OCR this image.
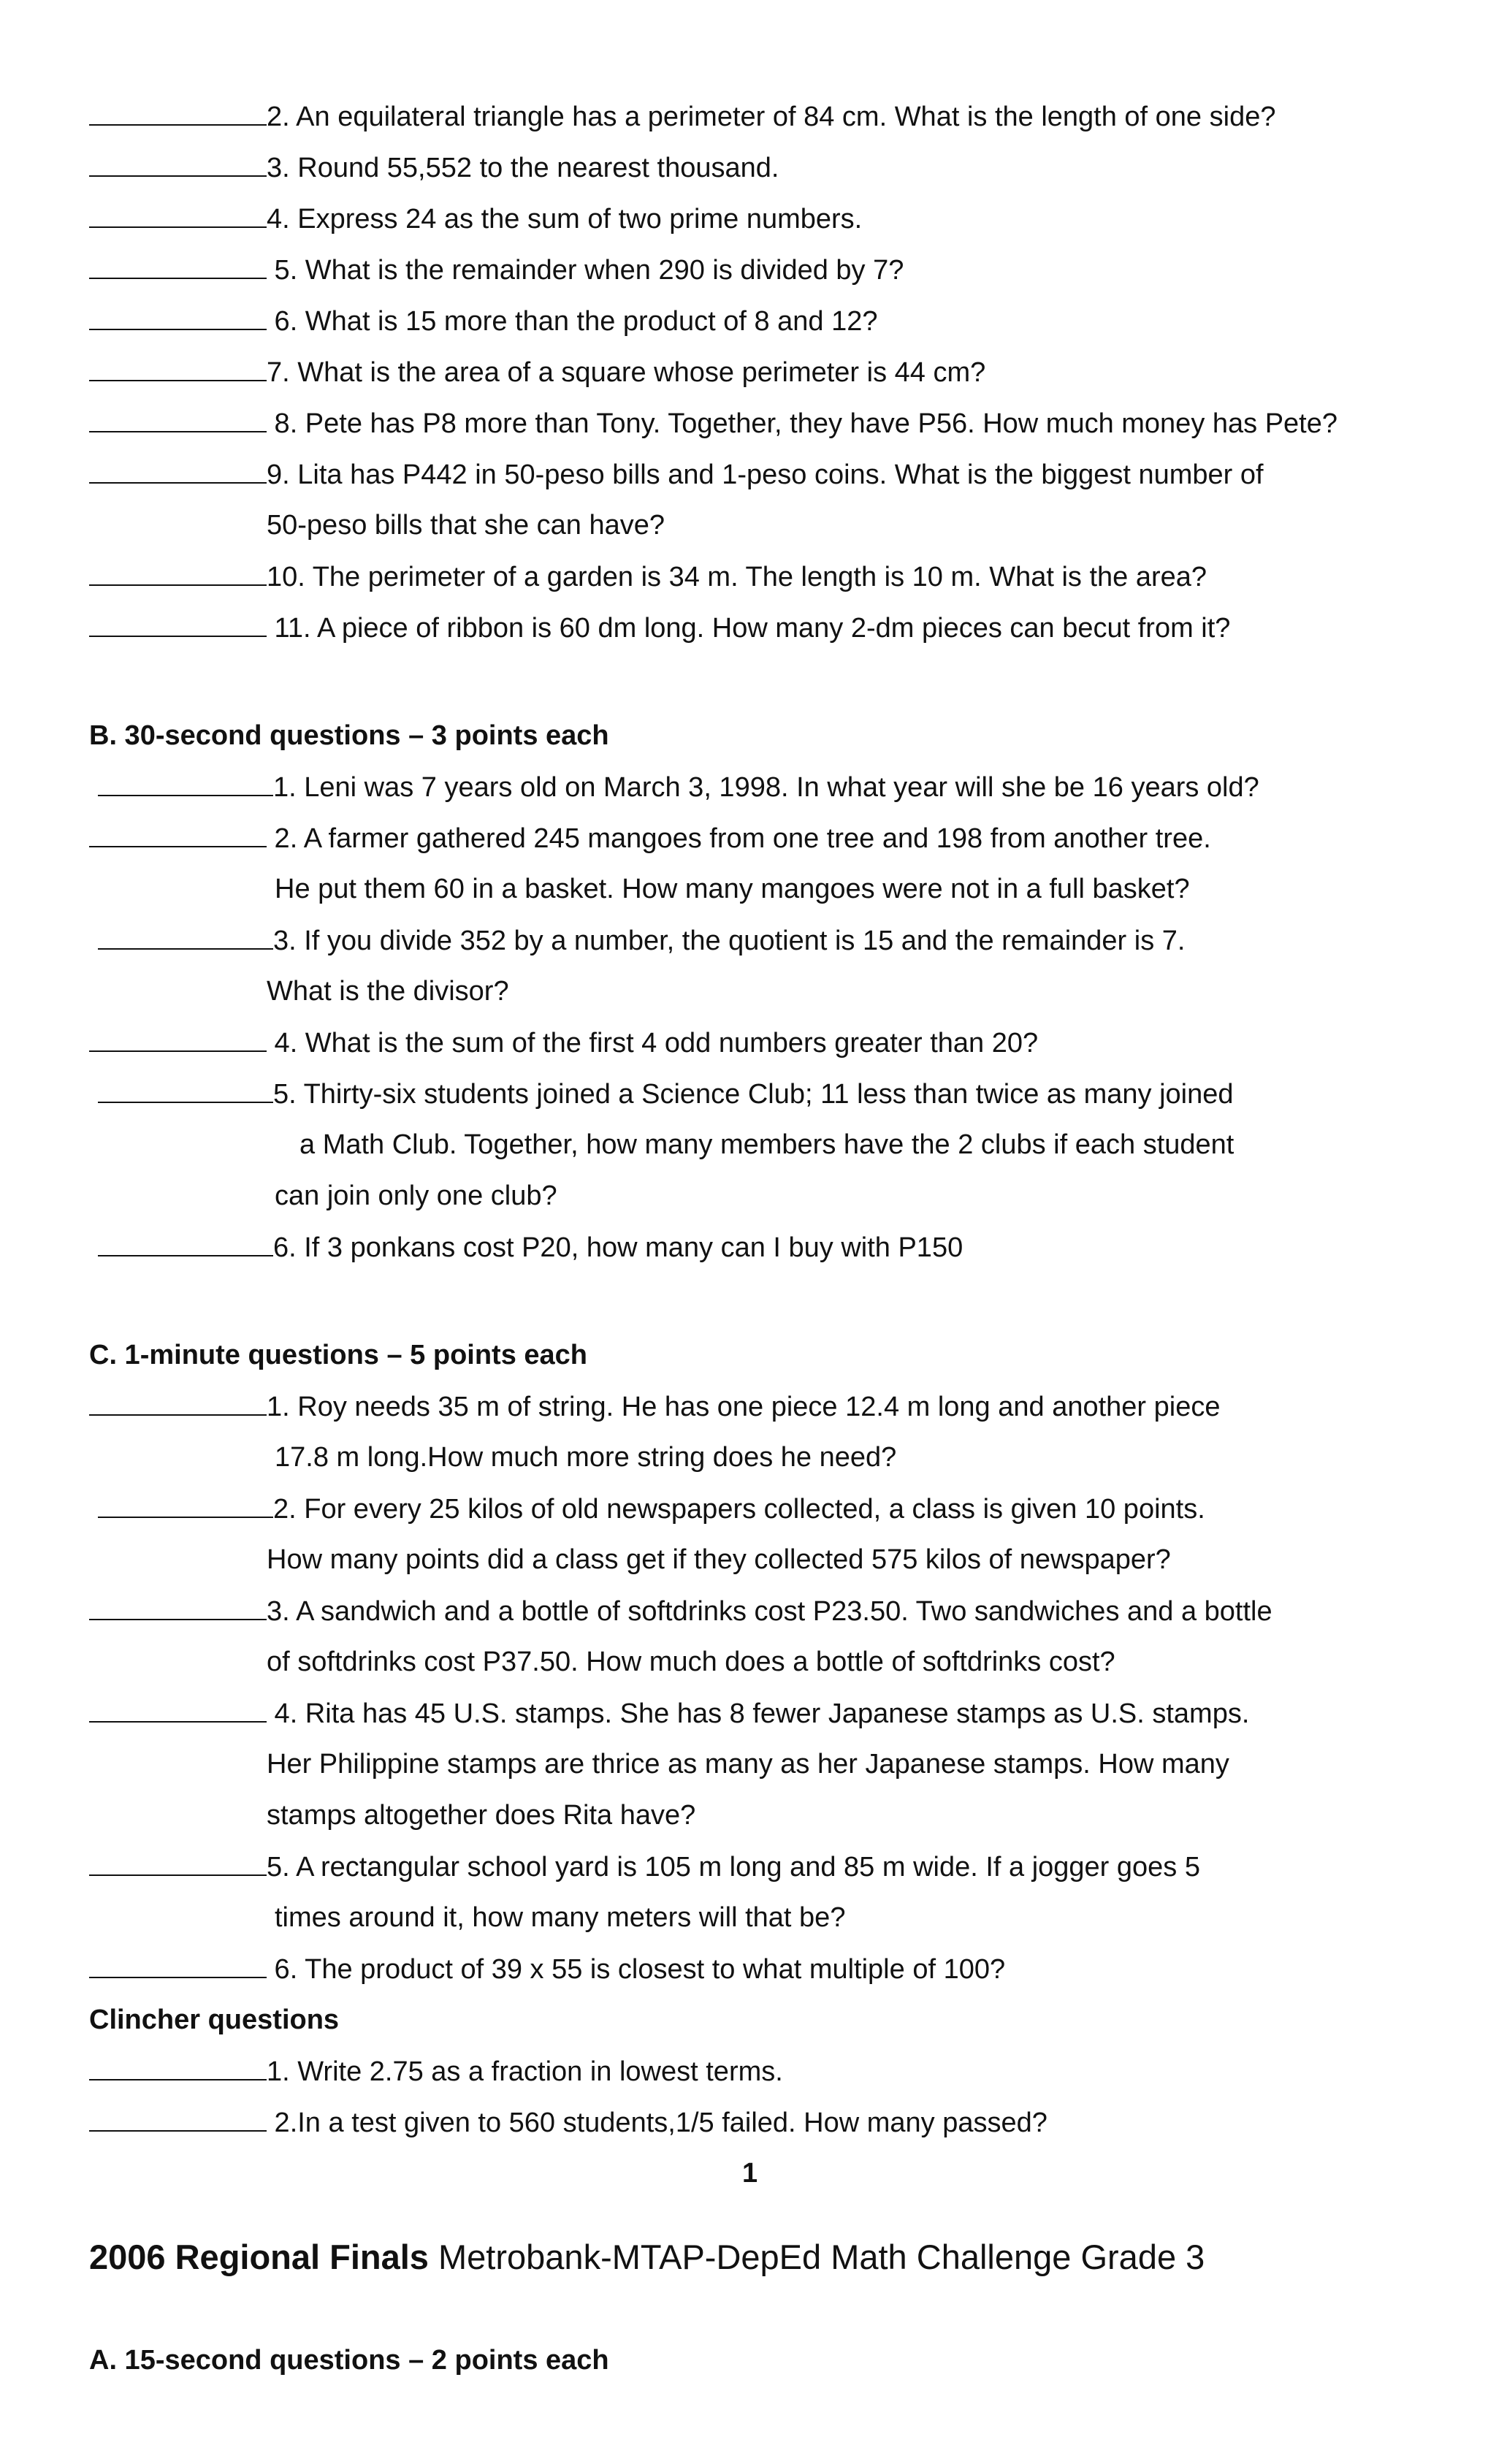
2. An equilateral triangle has a perimeter of 84 cm. What is the length of one side?
3. Round 55,552 to the nearest thousand.
4. Express 24 as the sum of two prime numbers.
5. What is the remainder when 290 is divided by 7?
6. What is 15 more than the product of 8 and 12?
7. What is the area of a square whose perimeter is 44 cm?
8. Pete has P8 more than Tony. Together, they have P56. How much money has Pete?
9. Lita has P442 in 50-peso bills and 1-peso coins. What is the biggest number of
50-peso bills that she can have?
10. The perimeter of a garden is 34 m. The length is 10 m. What is the area?
11. A piece of ribbon is 60 dm long. How many 2-dm pieces can becut from it?
B. 30-second questions – 3 points each
1. Leni was 7 years old on March 3, 1998. In what year will she be 16 years old?
2. A farmer gathered 245 mangoes from one tree and 198 from another tree.
He put them 60 in a basket. How many mangoes were not in a full basket?
3. If you divide 352 by a number, the quotient is 15 and the remainder is 7.
What is the divisor?
4. What is the sum of the first 4 odd numbers greater than 20?
5. Thirty-six students joined a Science Club; 11 less than twice as many joined
a Math Club. Together, how many members have the 2 clubs if each student
can join only one club?
6. If 3 ponkans cost P20, how many can I buy with P150
C. 1-minute questions – 5 points each
1. Roy needs 35 m of string. He has one piece 12.4 m long and another piece
17.8 m long.How much more string does he need?
2. For every 25 kilos of old newspapers collected, a class is given 10 points.
How many points did a class get if they collected 575 kilos of newspaper?
3. A sandwich and a bottle of softdrinks cost P23.50. Two sandwiches and a bottle
of softdrinks cost P37.50. How much does a bottle of softdrinks cost?
4. Rita has 45 U.S. stamps. She has 8 fewer Japanese stamps as U.S. stamps.
Her Philippine stamps are thrice as many as her Japanese stamps. How many
stamps altogether does Rita have?
5. A rectangular school yard is 105 m long and 85 m wide. If a jogger goes 5
times around it, how many meters will that be?
6. The product of 39 x 55 is closest to what multiple of 100?
Clincher questions
1. Write 2.75 as a fraction in lowest terms.
2.In a test given to 560 students,1/5 failed. How many passed?
1
2006 Regional Finals Metrobank-MTAP-DepEd Math Challenge Grade 3
A. 15-second questions – 2 points each
